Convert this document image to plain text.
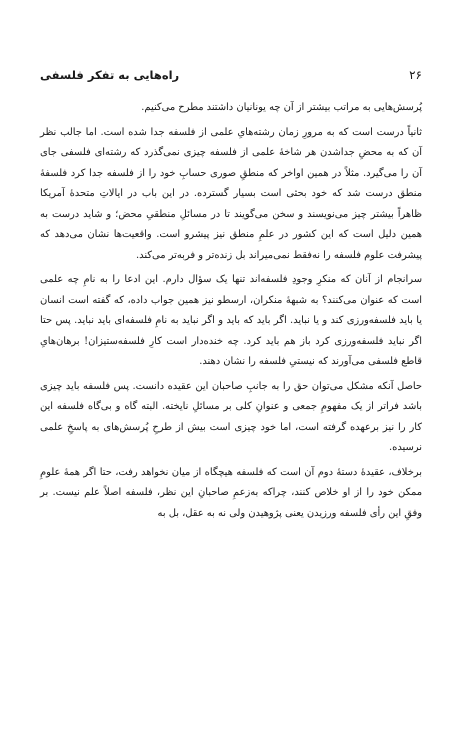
۲۶
راه‌هایی به تفکر فلسفی

پُرسش‌هایی به مراتب بیشتر از آن چه یونانیان داشتند مطرح می‌کنیم.

ثانیاً درست است که به مرورِ زمان رشته‌هایِ علمی از فلسفه جدا شده است. اما جالب نظر آن که به محضِ جداشدن هر شاخهٔ علمی از فلسفه چیزی نمی‌گذرد که رشته‌ای فلسفی جای آن را می‌گیرد. مثلاً در همین اواخر که منطقِ صوری حسابِ خود را از فلسفه جدا کرد فلسفهٔ منطق درست شد که خود بحثی است بسیار گسترده. در این باب در ایالاتِ متحدهٔ آمریکا ظاهراً بیشتر چیز می‌نویسند و سخن می‌گویند تا در مسائلِ منطقیِ محض؛ و شاید درست به همین دلیل است که این کشور در علمِ منطق نیز پیشرو است. واقعیت‌ها نشان می‌دهد که پیشرفت علوم فلسفه را نه‌فقط نمی‌میراند بل زنده‌تر و فربه‌تر می‌کند.

سرانجام از آنان که منکرِ وجودِ فلسفه‌اند تنها یک سؤال دارم. این ادعا را به نامِ چه علمی است که عنوان می‌کنند؟ به شبههٔ منکران، ارسطو نیز همین جواب داده، که گفته است انسان یا باید فلسفه‌ورزی کند و یا نباید. اگر باید که باید و اگر نباید به نامِ فلسفه‌ای باید نباید. پس حتا اگر نباید فلسفه‌ورزی کرد باز هم باید کرد. چه خنده‌دار است کارِ فلسفه‌ستیزان! برهان‌هایِ قاطع فلسفی می‌آورند که نیستیِ فلسفه را نشان دهند.

حاصل آنکه مشکل می‌توان حق را به جانبِ صاحبان این عقیده دانست. پس فلسفه باید چیزی باشد فراتر از یک مفهومِ جمعی و عنوانِ کلی بر مسائلِ نایخته. البته گاه و بی‌گاه فلسفه این کار را نیز برعهده گرفته است، اما خود چیزی است بیش از طرحِ پُرسش‌های به پاسخِ علمی نرسیده.

برخلاف، عقیدهٔ دستهٔ دوم آن است که فلسفه هیچگاه از میان نخواهد رفت، حتا اگر همهٔ علومِ ممکن خود را از او خلاص کنند، چراکه به‌زعمِ صاحبانِ این نظر، فلسفه اصلاً علم نیست. بر وفقِ این رأی فلسفه ورزیدن یعنی پژوهیدن ولی نه به عقل، بل به
